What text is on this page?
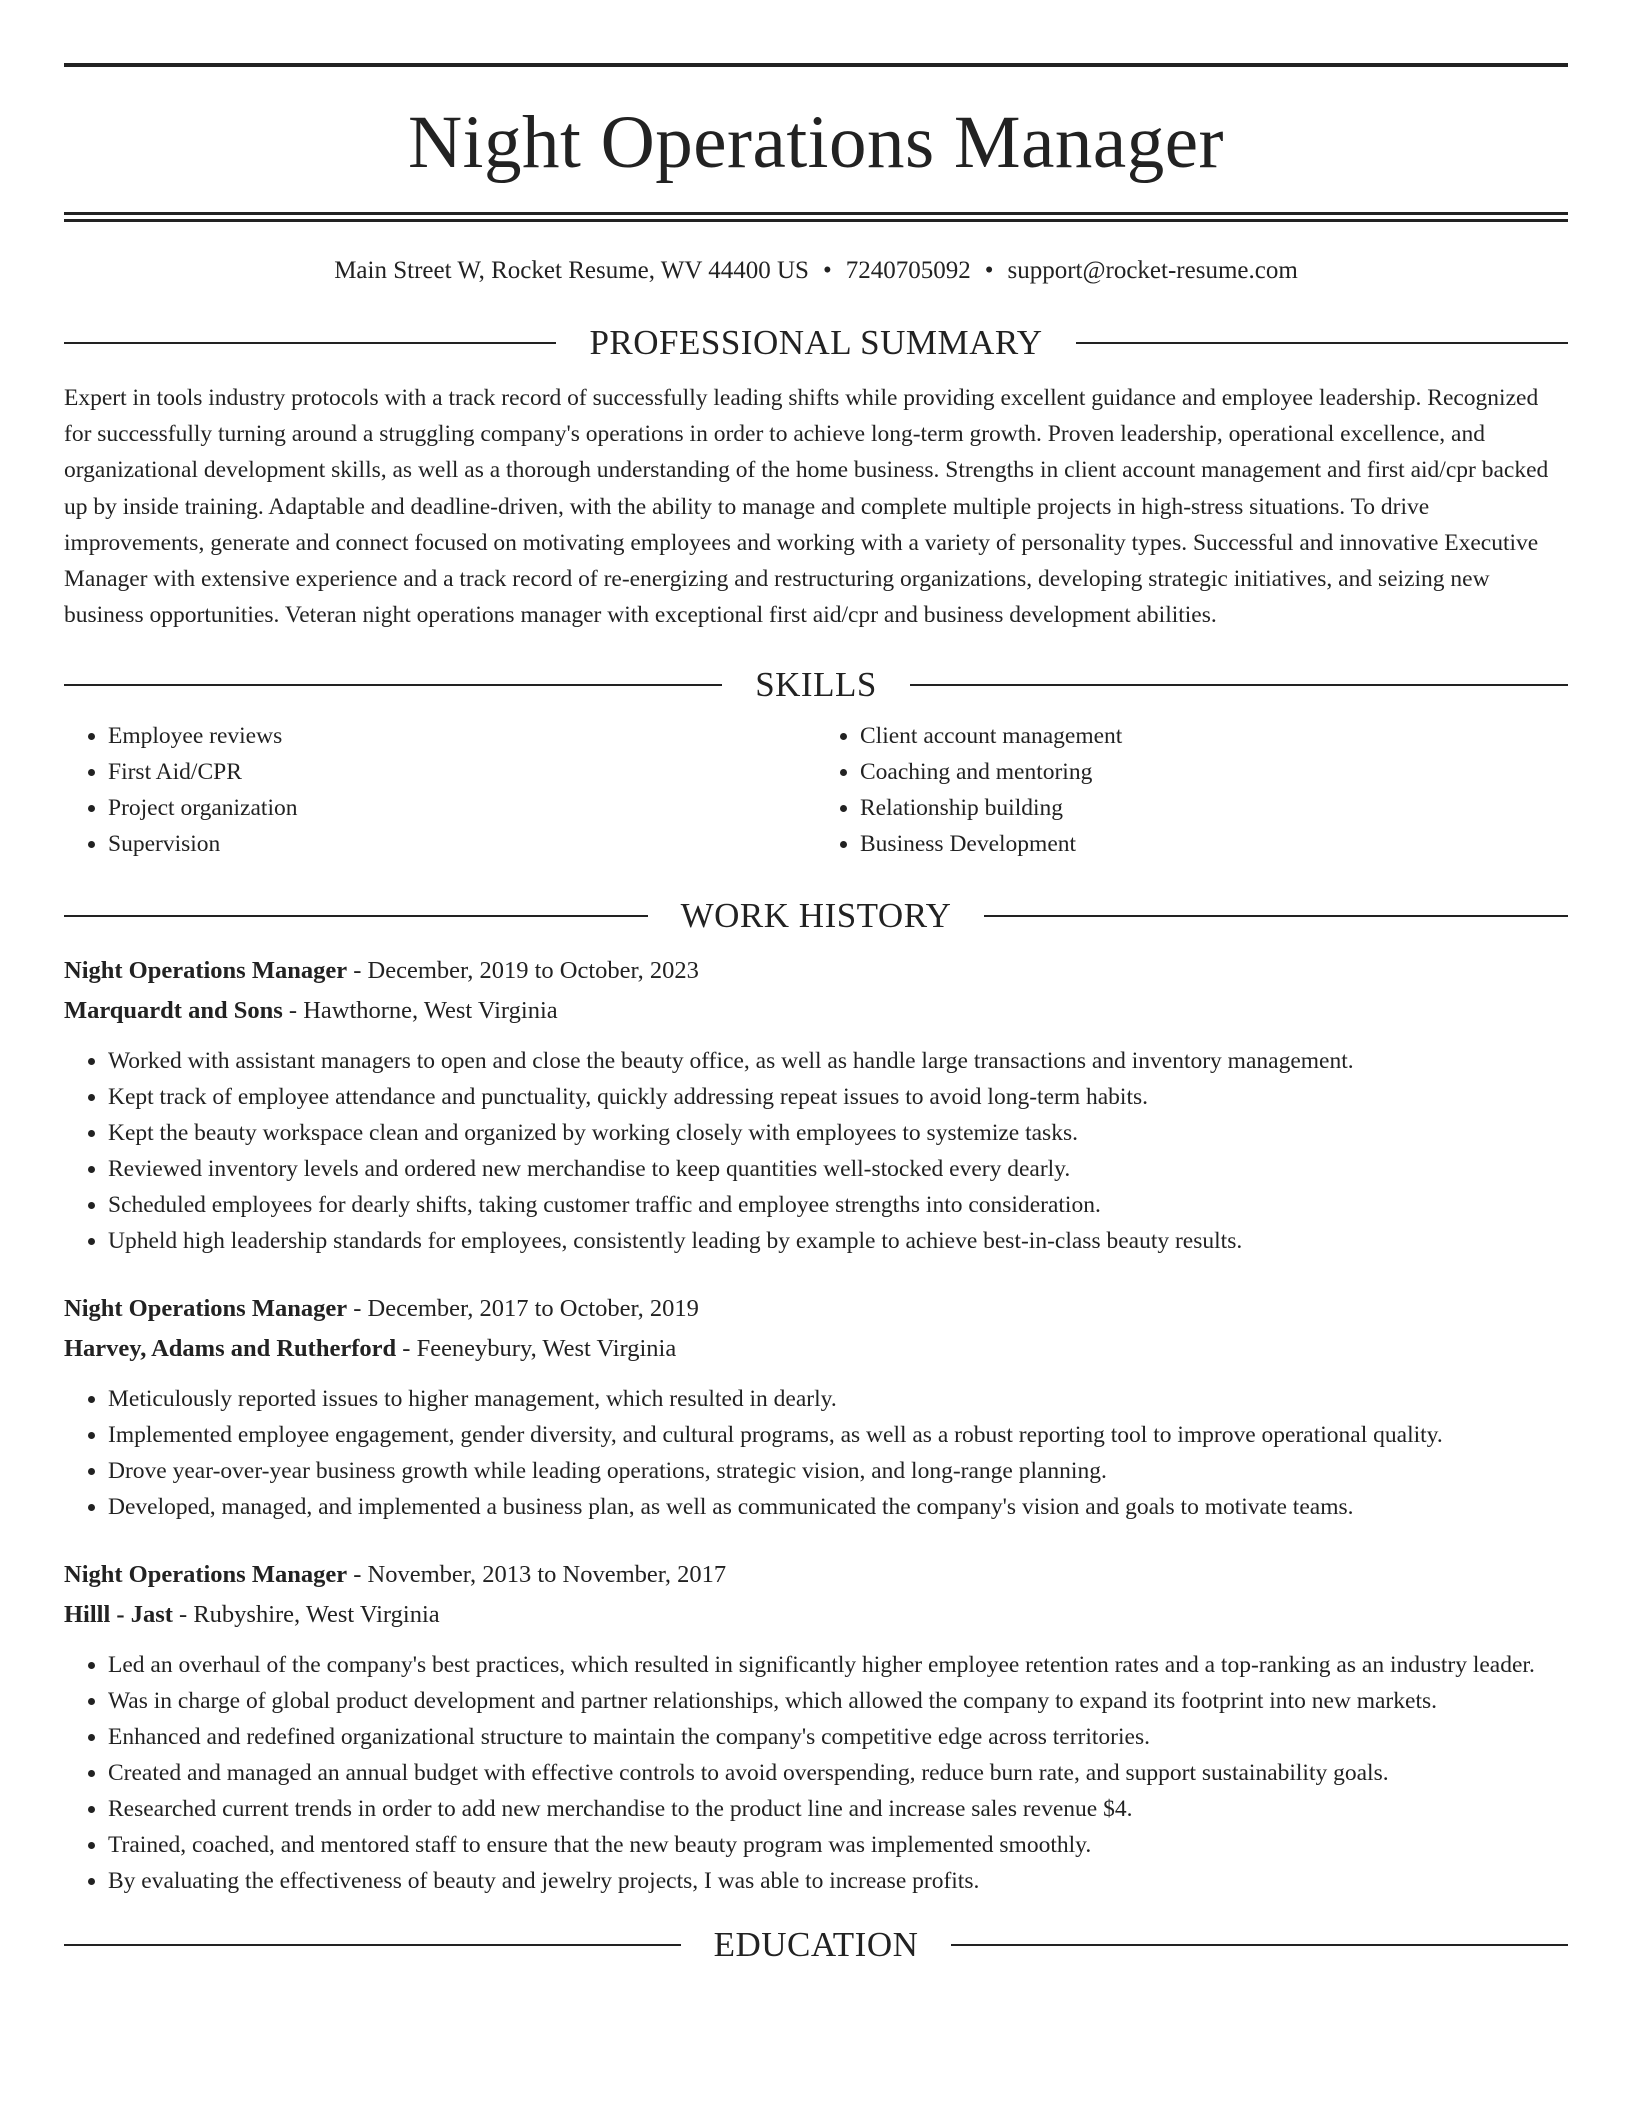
Night Operations Manager
Main Street W, Rocket Resume, WV 44400 US • 7240705092 • support@rocket-resume.com
PROFESSIONAL SUMMARY

Expert in tools industry protocols with a track record of successfully leading shifts while providing excellent guidance and employee leadership. Recognized for successfully turning around a struggling company's operations in order to achieve long-term growth. Proven leadership, operational excellence, and organizational development skills, as well as a thorough understanding of the home business. Strengths in client account management and first aid/cpr backed up by inside training. Adaptable and deadline-driven, with the ability to manage and complete multiple projects in high-stress situations. To drive improvements, generate and connect focused on motivating employees and working with a variety of personality types. Successful and innovative Executive Manager with extensive experience and a track record of re-energizing and restructuring organizations, developing strategic initiatives, and seizing new business opportunities. Veteran night operations manager with exceptional first aid/cpr and business development abilities.

SKILLS
• Employee reviews
• First Aid/CPR
• Project organization
• Supervision
• Client account management
• Coaching and mentoring
• Relationship building
• Business Development
WORK HISTORY
Night Operations Manager - December, 2019 to October, 2023
Marquardt and Sons - Hawthorne, West Virginia
• Worked with assistant managers to open and close the beauty office, as well as handle large transactions and inventory management.
• Kept track of employee attendance and punctuality, quickly addressing repeat issues to avoid long-term habits.
• Kept the beauty workspace clean and organized by working closely with employees to systemize tasks.
• Reviewed inventory levels and ordered new merchandise to keep quantities well-stocked every dearly.
• Scheduled employees for dearly shifts, taking customer traffic and employee strengths into consideration.
• Upheld high leadership standards for employees, consistently leading by example to achieve best-in-class beauty results.
Night Operations Manager - December, 2017 to October, 2019
Harvey, Adams and Rutherford - Feeneybury, West Virginia
• Meticulously reported issues to higher management, which resulted in dearly.
• Implemented employee engagement, gender diversity, and cultural programs, as well as a robust reporting tool to improve operational quality.
• Drove year-over-year business growth while leading operations, strategic vision, and long-range planning.
• Developed, managed, and implemented a business plan, as well as communicated the company's vision and goals to motivate teams.
Night Operations Manager - November, 2013 to November, 2017
Hilll - Jast - Rubyshire, West Virginia
• Led an overhaul of the company's best practices, which resulted in significantly higher employee retention rates and a top-ranking as an industry leader.
• Was in charge of global product development and partner relationships, which allowed the company to expand its footprint into new markets.
• Enhanced and redefined organizational structure to maintain the company's competitive edge across territories.
• Created and managed an annual budget with effective controls to avoid overspending, reduce burn rate, and support sustainability goals.
• Researched current trends in order to add new merchandise to the product line and increase sales revenue $4.
• Trained, coached, and mentored staff to ensure that the new beauty program was implemented smoothly.
• By evaluating the effectiveness of beauty and jewelry projects, I was able to increase profits.
EDUCATION
